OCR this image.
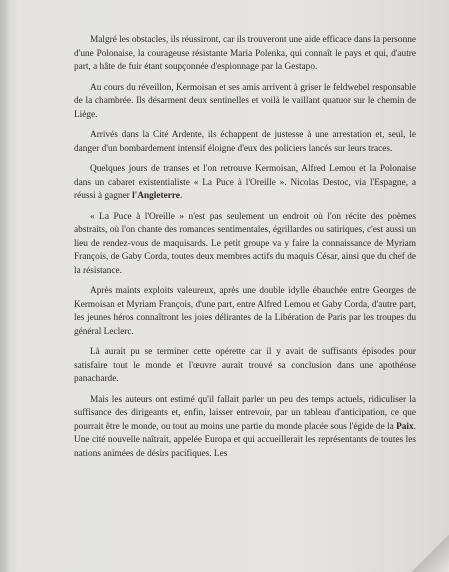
Malgré les obstacles, ils réussiront, car ils trouveront une aide efficace dans la personne d'une Polonaise, la courageuse résistante Maria Polenka, qui connaît le pays et qui, d'autre part, a hâte de fuir étant soupçonnée d'espionnage par la Gestapo.

Au cours du réveillon, Kermoisan et ses amis arrivent à griser le feldwebel responsable de la chambrée. Ils désarment deux sentinelles et voilà le vaillant quatuor sur le chemin de Liège.

Arrivés dans la Cité Ardente, ils échappent de justesse à une arrestation et, seul, le danger d'un bombardement intensif éloigne d'eux des policiers lancés sur leurs traces.

Quelques jours de transes et l'on retrouve Kermoisan, Alfred Lemou et la Polonaise dans un cabaret existentialiste « La Puce à l'Oreille ». Nicolas Destoc, via l'Espagne, a réussi à gagner l'Angleterre.

« La Puce à l'Oreille » n'est pas seulement un endroit où l'on récite des poèmes abstraits, où l'on chante des romances sentimentales, égrillardes ou satiriques, c'est aussi un lieu de rendez-vous de maquisards. Le petit groupe va y faire la connaissance de Myriam François, de Gaby Corda, toutes deux membres actifs du maquis César, ainsi que du chef de la résistance.

Après maints exploits valeureux, après une double idylle ébauchée entre Georges de Kermoisan et Myriam François, d'une part, entre Alfred Lemou et Gaby Corda, d'autre part, les jeunes héros connaîtront les joies délirantes de la Libération de Paris par les troupes du général Leclerc.

Là aurait pu se terminer cette opérette car il y avait de suffisants épisodes pour satisfaire tout le monde et l'œuvre aurait trouvé sa conclusion dans une apothéose panacharde.

Mais les auteurs ont estimé qu'il fallait parler un peu des temps actuels, ridiculiser la suffisance des dirigeants et, enfin, laisser entrevoir, par un tableau d'anticipation, ce que pourrait être le monde, ou tout au moins une partie du monde placée sous l'égide de la Paix. Une cité nouvelle naîtrait, appelée Europa et qui accueillerait les représentants de toutes les nations animées de désirs pacifiques. Les
